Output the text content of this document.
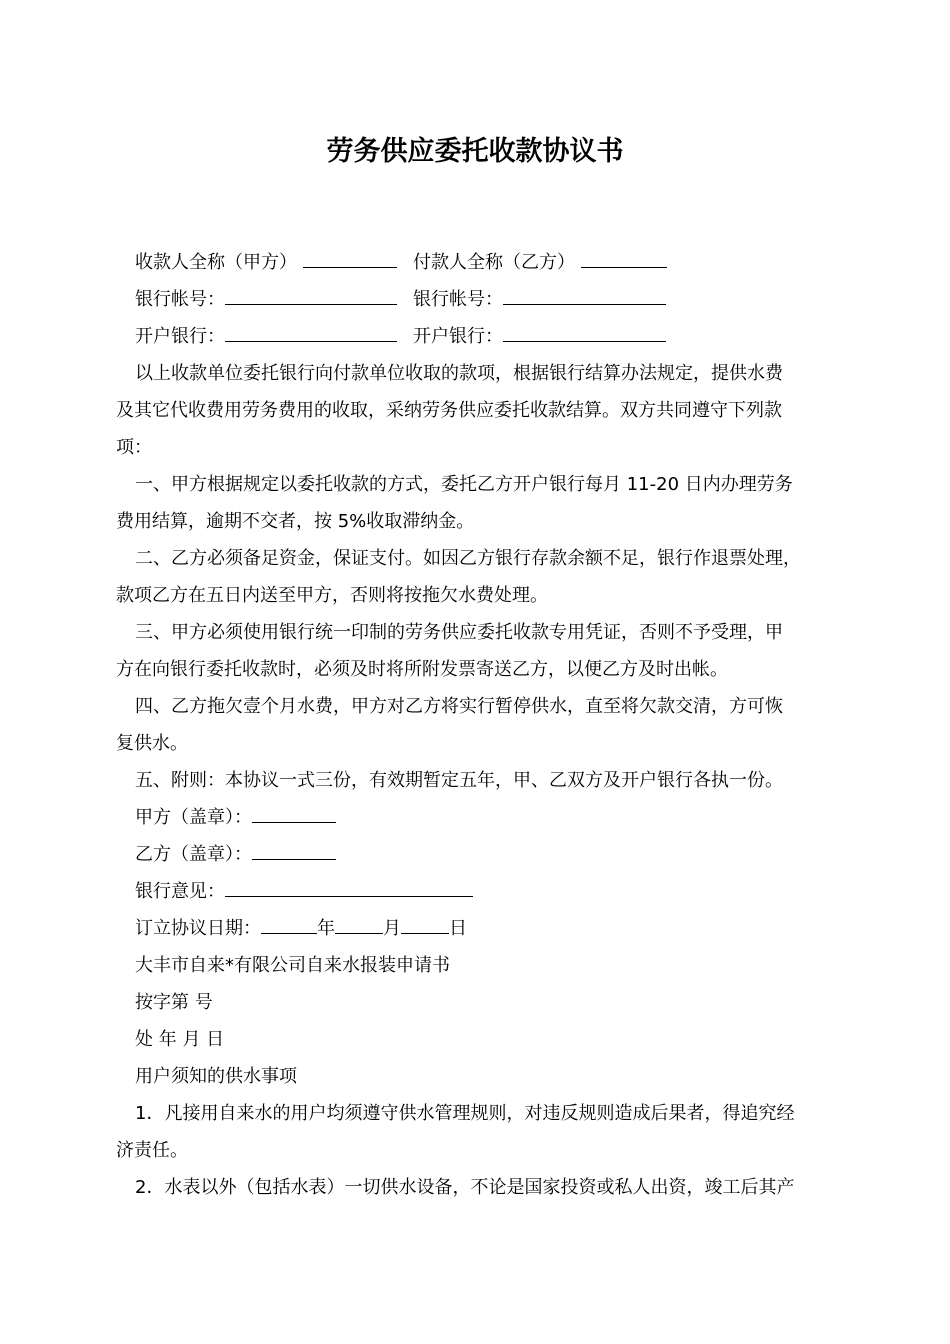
劳务供应委托收款协议书
收款人全称（甲方）	付款人全称（乙方）
银行帐号：	银行帐号：
开户银行：	开户银行：
以上收款单位委托银行向付款单位收取的款项，根据银行结算办法规定，提供水费
及其它代收费用劳务费用的收取，采纳劳务供应委托收款结算。双方共同遵守下列款
项：
一、甲方根据规定以委托收款的方式，委托乙方开户银行每月 11-20 日内办理劳务
费用结算，逾期不交者，按 5%收取滞纳金。
二、乙方必须备足资金，保证支付。如因乙方银行存款余额不足，银行作退票处理，
款项乙方在五日内送至甲方，否则将按拖欠水费处理。
三、甲方必须使用银行统一印制的劳务供应委托收款专用凭证，否则不予受理，甲
方在向银行委托收款时，必须及时将所附发票寄送乙方，以便乙方及时出帐。
四、乙方拖欠壹个月水费，甲方对乙方将实行暂停供水，直至将欠款交清，方可恢
复供水。
五、附则：本协议一式三份，有效期暂定五年，甲、乙双方及开户银行各执一份。
甲方（盖章）：
乙方（盖章）：
银行意见：
订立协议日期：	年	月	日
大丰市自来*有限公司自来水报装申请书
按字第 号
处 年 月 日
用户须知的供水事项
1．凡接用自来水的用户均须遵守供水管理规则，对违反规则造成后果者，得追究经
济责任。
2．水表以外（包括水表）一切供水设备，不论是国家投资或私人出资，竣工后其产
